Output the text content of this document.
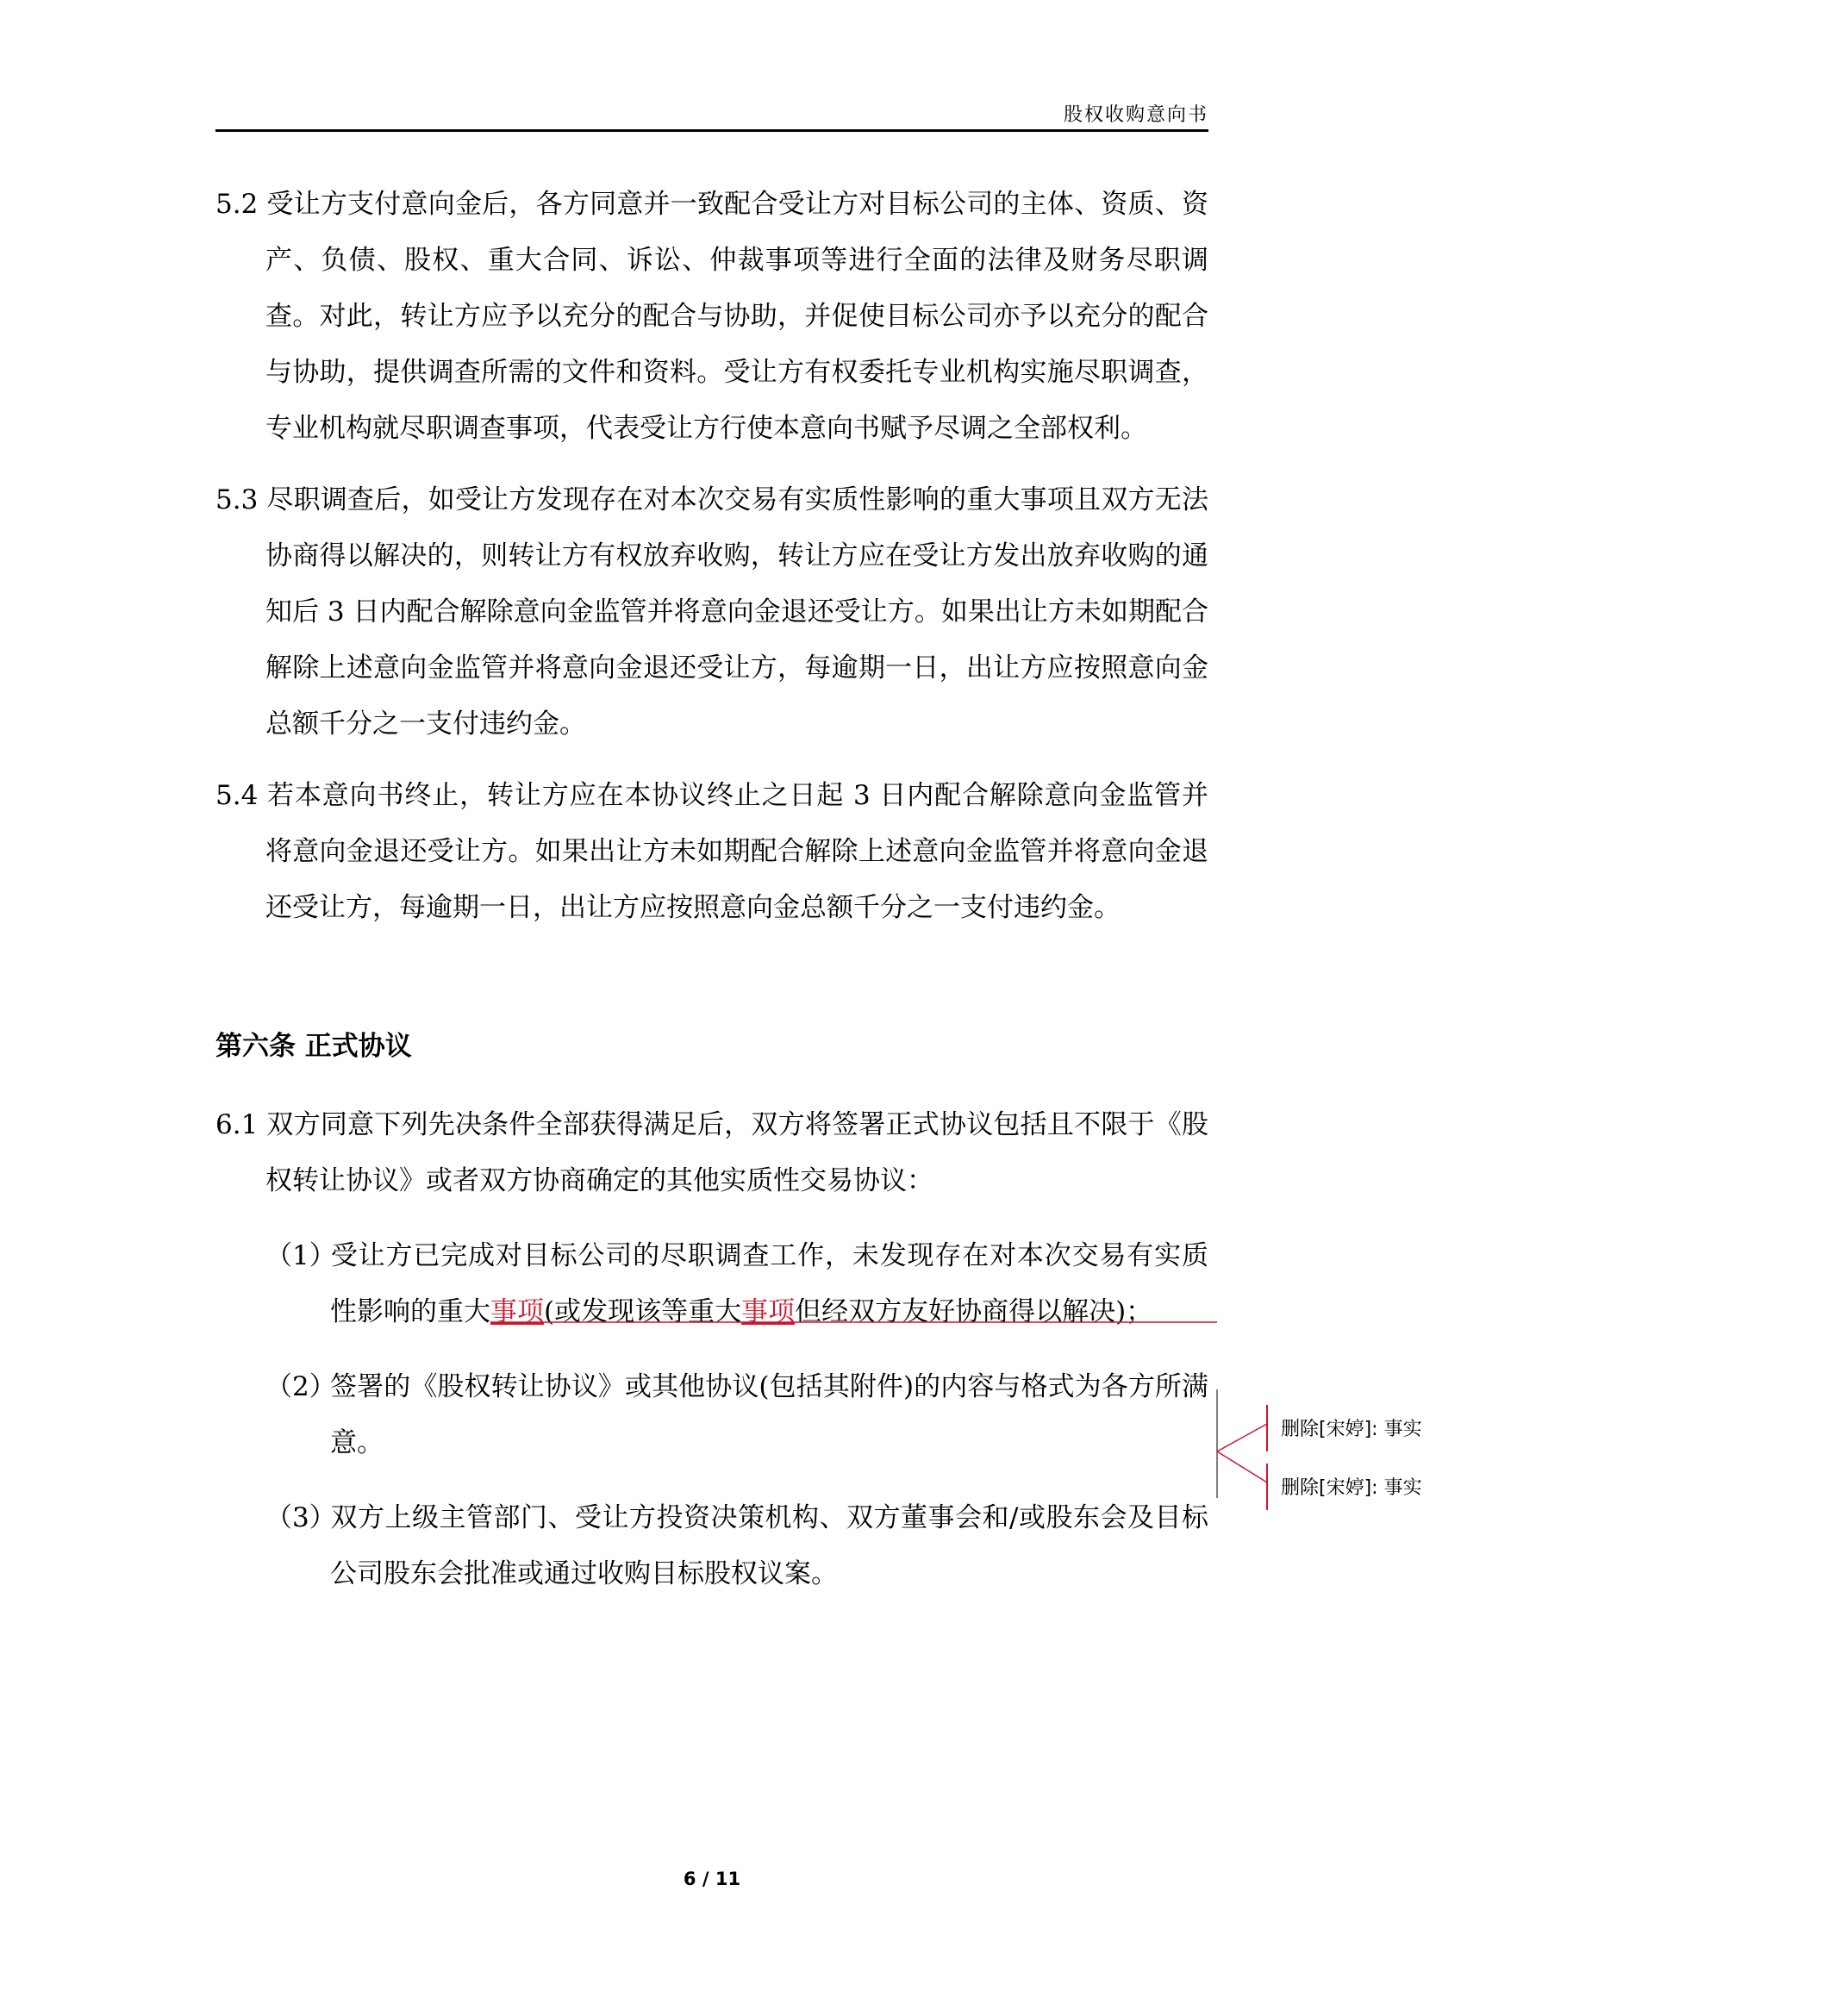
股权收购意向书

5.2 受让方支付意向金后，各方同意并一致配合受让方对目标公司的主体、资质、资产、负债、股权、重大合同、诉讼、仲裁事项等进行全面的法律及财务尽职调查。对此，转让方应予以充分的配合与协助，并促使目标公司亦予以充分的配合与协助，提供调查所需的文件和资料。受让方有权委托专业机构实施尽职调查，专业机构就尽职调查事项，代表受让方行使本意向书赋予尽调之全部权利。

5.3 尽职调查后，如受让方发现存在对本次交易有实质性影响的重大事项且双方无法协商得以解决的，则转让方有权放弃收购，转让方应在受让方发出放弃收购的通知后 3 日内配合解除意向金监管并将意向金退还受让方。如果出让方未如期配合解除上述意向金监管并将意向金退还受让方，每逾期一日，出让方应按照意向金总额千分之一支付违约金。

5.4 若本意向书终止，转让方应在本协议终止之日起 3 日内配合解除意向金监管并将意向金退还受让方。如果出让方未如期配合解除上述意向金监管并将意向金退还受让方，每逾期一日，出让方应按照意向金总额千分之一支付违约金。

第六条 正式协议

6.1 双方同意下列先决条件全部获得满足后，双方将签署正式协议包括且不限于《股权转让协议》或者双方协商确定的其他实质性交易协议：

（1）受让方已完成对目标公司的尽职调查工作，未发现存在对本次交易有实质性影响的重大事项(或发现该等重大事项但经双方友好协商得以解决)；
（2）签署的《股权转让协议》或其他协议(包括其附件)的内容与格式为各方所满意。
（3）双方上级主管部门、受让方投资决策机构、双方董事会和/或股东会及目标公司股东会批准或通过收购目标股权议案。
删除[宋婷]: 事实
删除[宋婷]: 事实
6 / 11
